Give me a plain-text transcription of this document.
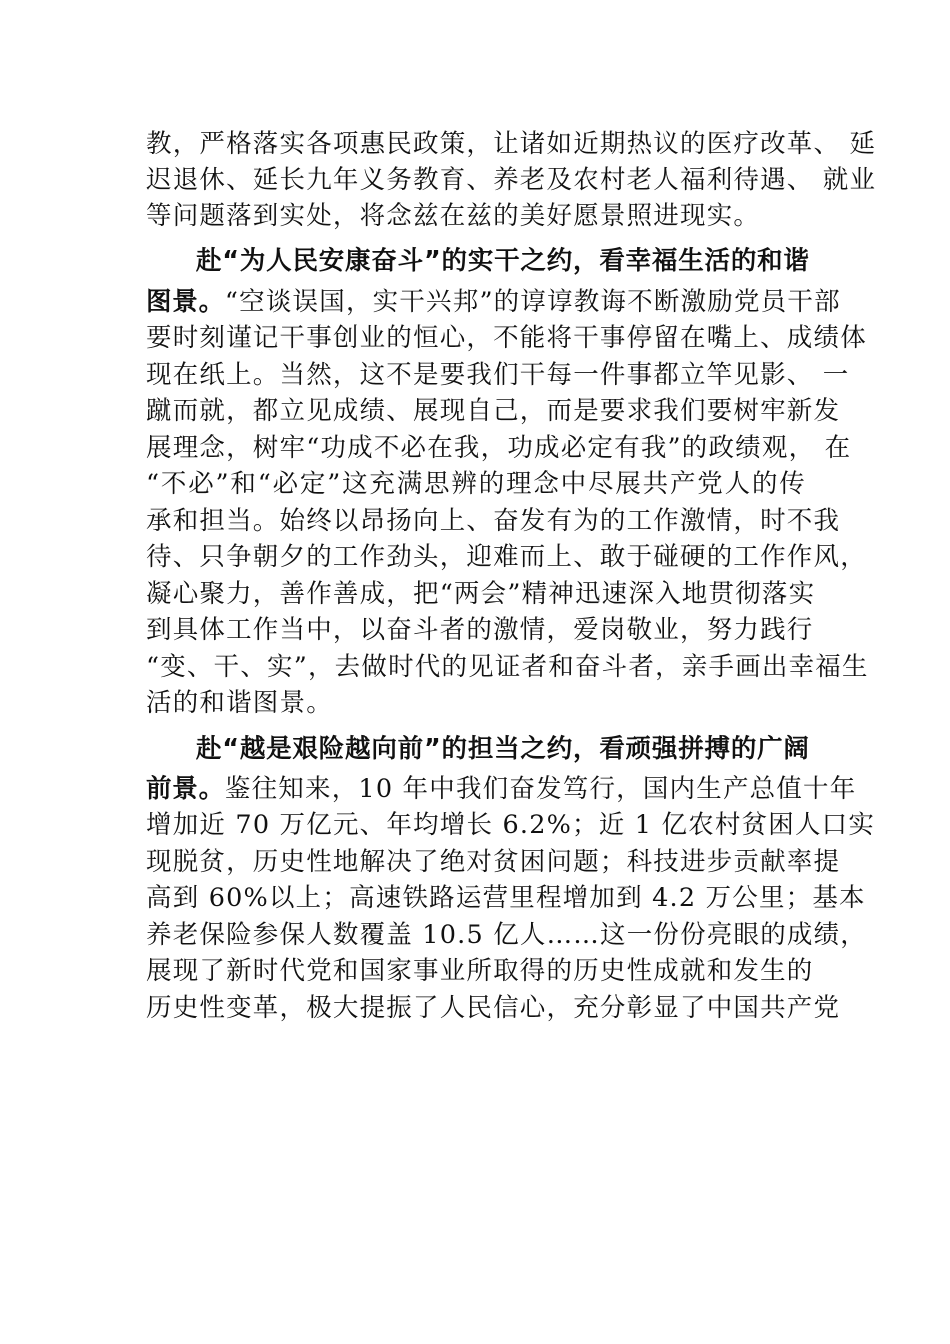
教，严格落实各项惠民政策，让诸如近期热议的医疗改革、 延
迟退休、延长九年义务教育、养老及农村老人福利待遇、 就业
等问题落到实处，将念兹在兹的美好愿景照进现实。
赴“为人民安康奋斗”的实干之约，看幸福生活的和谐
图景。“空谈误国，实干兴邦”的谆谆教诲不断激励党员干部
要时刻谨记干事创业的恒心，不能将干事停留在嘴上、成绩体
现在纸上。当然，这不是要我们干每一件事都立竿见影、 一
蹴而就，都立见成绩、展现自己，而是要求我们要树牢新发
展理念，树牢“功成不必在我，功成必定有我”的政绩观， 在
“不必”和“必定”这充满思辨的理念中尽展共产党人的传
承和担当。始终以昂扬向上、奋发有为的工作激情，时不我
待、只争朝夕的工作劲头，迎难而上、敢于碰硬的工作作风，
凝心聚力，善作善成，把“两会”精神迅速深入地贯彻落实
到具体工作当中，以奋斗者的激情，爱岗敬业，努力践行
“变、干、实”，去做时代的见证者和奋斗者，亲手画出幸福生
活的和谐图景。
赴“越是艰险越向前”的担当之约，看顽强拼搏的广阔
前景。鉴往知来，10 年中我们奋发笃行，国内生产总值十年
增加近 70 万亿元、年均增长 6.2%；近 1 亿农村贫困人口实
现脱贫，历史性地解决了绝对贫困问题；科技进步贡献率提
高到 60%以上；高速铁路运营里程增加到 4.2 万公里；基本
养老保险参保人数覆盖 10.5 亿人……这一份份亮眼的成绩，
展现了新时代党和国家事业所取得的历史性成就和发生的
历史性变革，极大提振了人民信心，充分彰显了中国共产党
